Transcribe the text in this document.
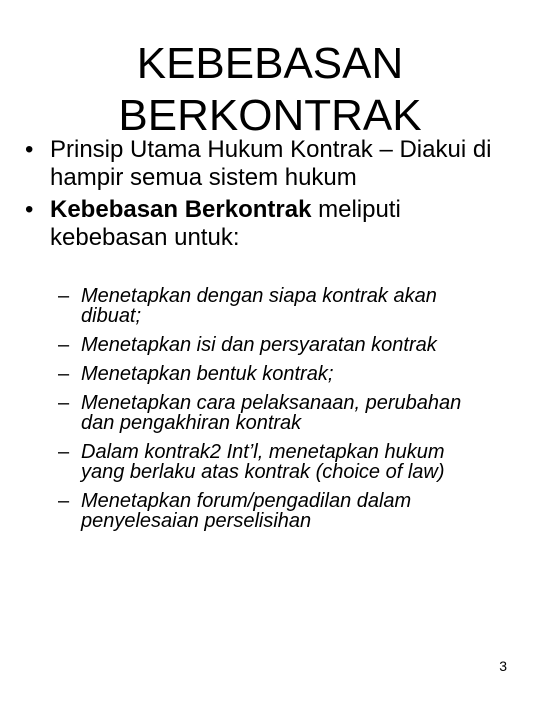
KEBEBASAN
BERKONTRAK
• Prinsip Utama Hukum Kontrak – Diakui di hampir semua sistem hukum
• Kebebasan Berkontrak meliputi kebebasan untuk:
– Menetapkan dengan siapa kontrak akan dibuat;
– Menetapkan isi dan persyaratan kontrak
– Menetapkan bentuk kontrak;
– Menetapkan cara pelaksanaan, perubahan dan pengakhiran kontrak
– Dalam kontrak2 Int’l, menetapkan hukum yang berlaku atas kontrak (choice of law)
– Menetapkan forum/pengadilan dalam penyelesaian perselisihan
3
